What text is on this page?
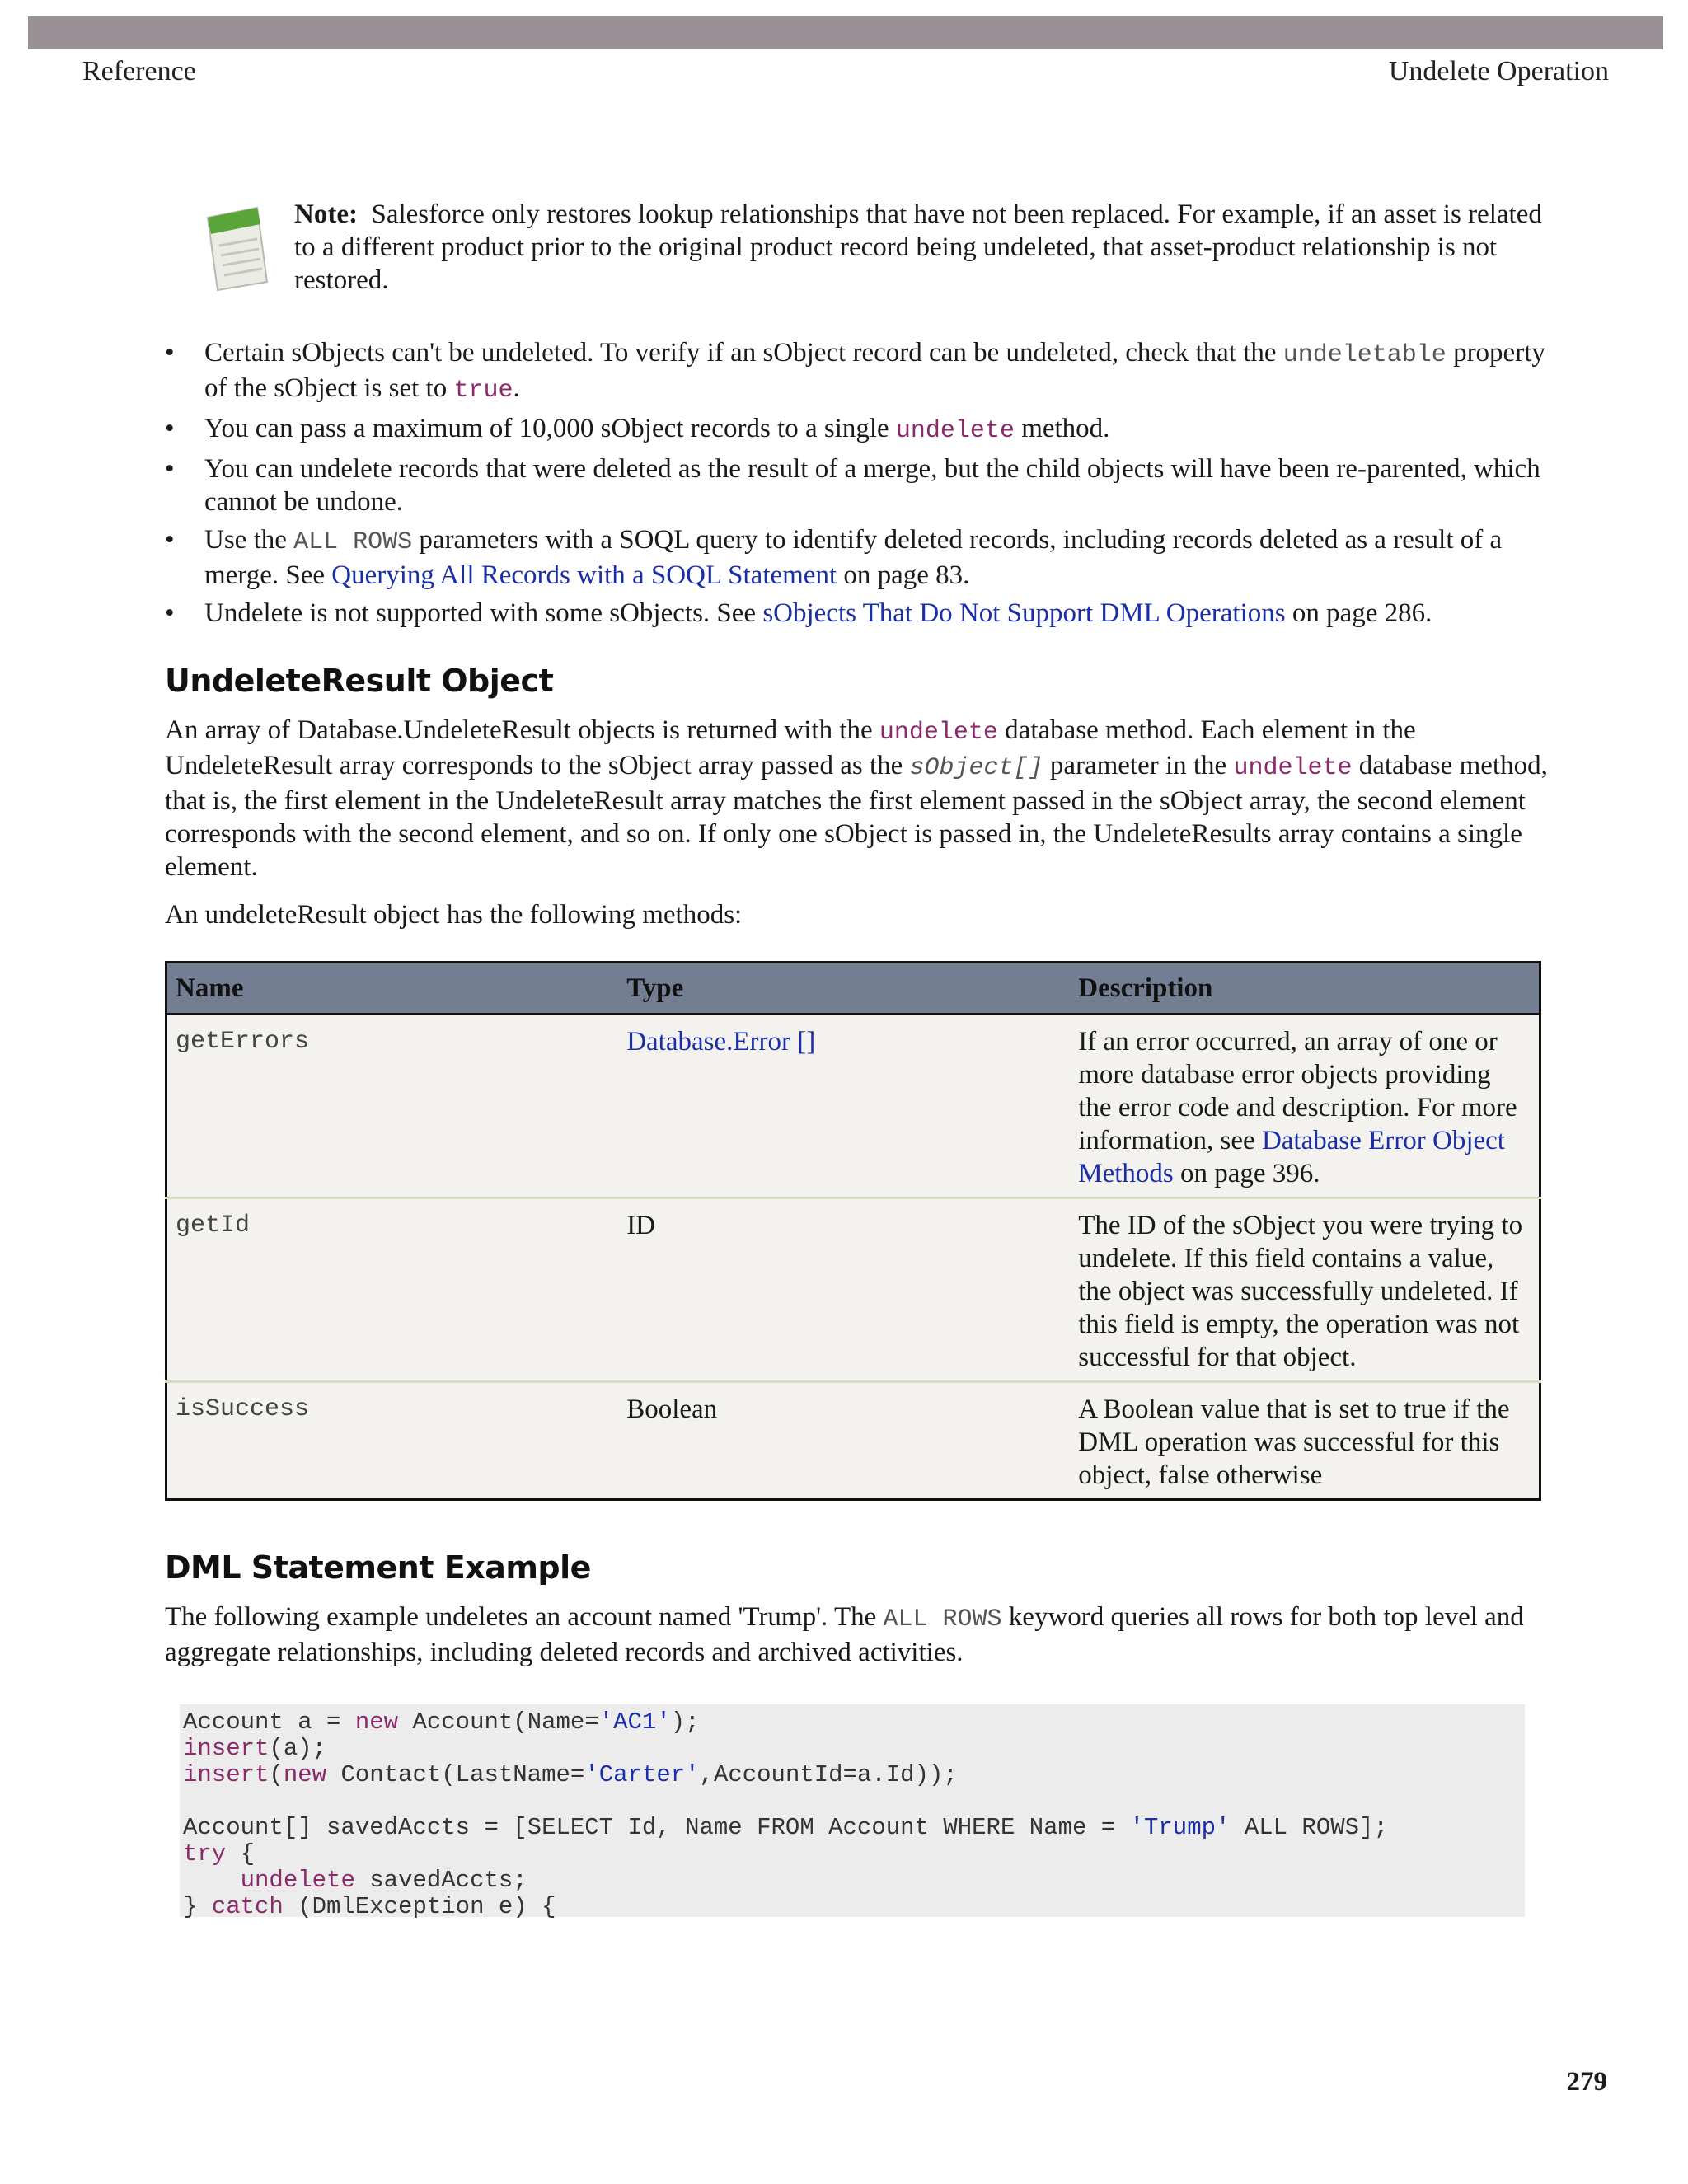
Reference	Undelete Operation
Note: Salesforce only restores lookup relationships that have not been replaced. For example, if an asset is related to a different product prior to the original product record being undeleted, that asset-product relationship is not restored.
• Certain sObjects can't be undeleted. To verify if an sObject record can be undeleted, check that the undeletable property of the sObject is set to true.
• You can pass a maximum of 10,000 sObject records to a single undelete method.
• You can undelete records that were deleted as the result of a merge, but the child objects will have been re-parented, which cannot be undone.
• Use the ALL ROWS parameters with a SOQL query to identify deleted records, including records deleted as a result of a merge. See Querying All Records with a SOQL Statement on page 83.
• Undelete is not supported with some sObjects. See sObjects That Do Not Support DML Operations on page 286.
UndeleteResult Object

An array of Database.UndeleteResult objects is returned with the undelete database method. Each element in the UndeleteResult array corresponds to the sObject array passed as the sObject[] parameter in the undelete database method, that is, the first element in the UndeleteResult array matches the first element passed in the sObject array, the second element corresponds with the second element, and so on. If only one sObject is passed in, the UndeleteResults array contains a single element.

An undeleteResult object has the following methods:

Name	Type	Description
getErrors	Database.Error []	If an error occurred, an array of one or more database error objects providing the error code and description. For more information, see Database Error Object Methods on page 396.
getId	ID	The ID of the sObject you were trying to undelete. If this field contains a value, the object was successfully undeleted. If this field is empty, the operation was not successful for that object.
isSuccess	Boolean	A Boolean value that is set to true if the DML operation was successful for this object, false otherwise
DML Statement Example

The following example undeletes an account named 'Trump'. The ALL ROWS keyword queries all rows for both top level and aggregate relationships, including deleted records and archived activities.

Account a = new Account(Name='AC1');
insert(a);
insert(new Contact(LastName='Carter',AccountId=a.Id));

Account[] savedAccts = [SELECT Id, Name FROM Account WHERE Name = 'Trump' ALL ROWS];
try {
undelete savedAccts;
} catch (DmlException e) {
279
